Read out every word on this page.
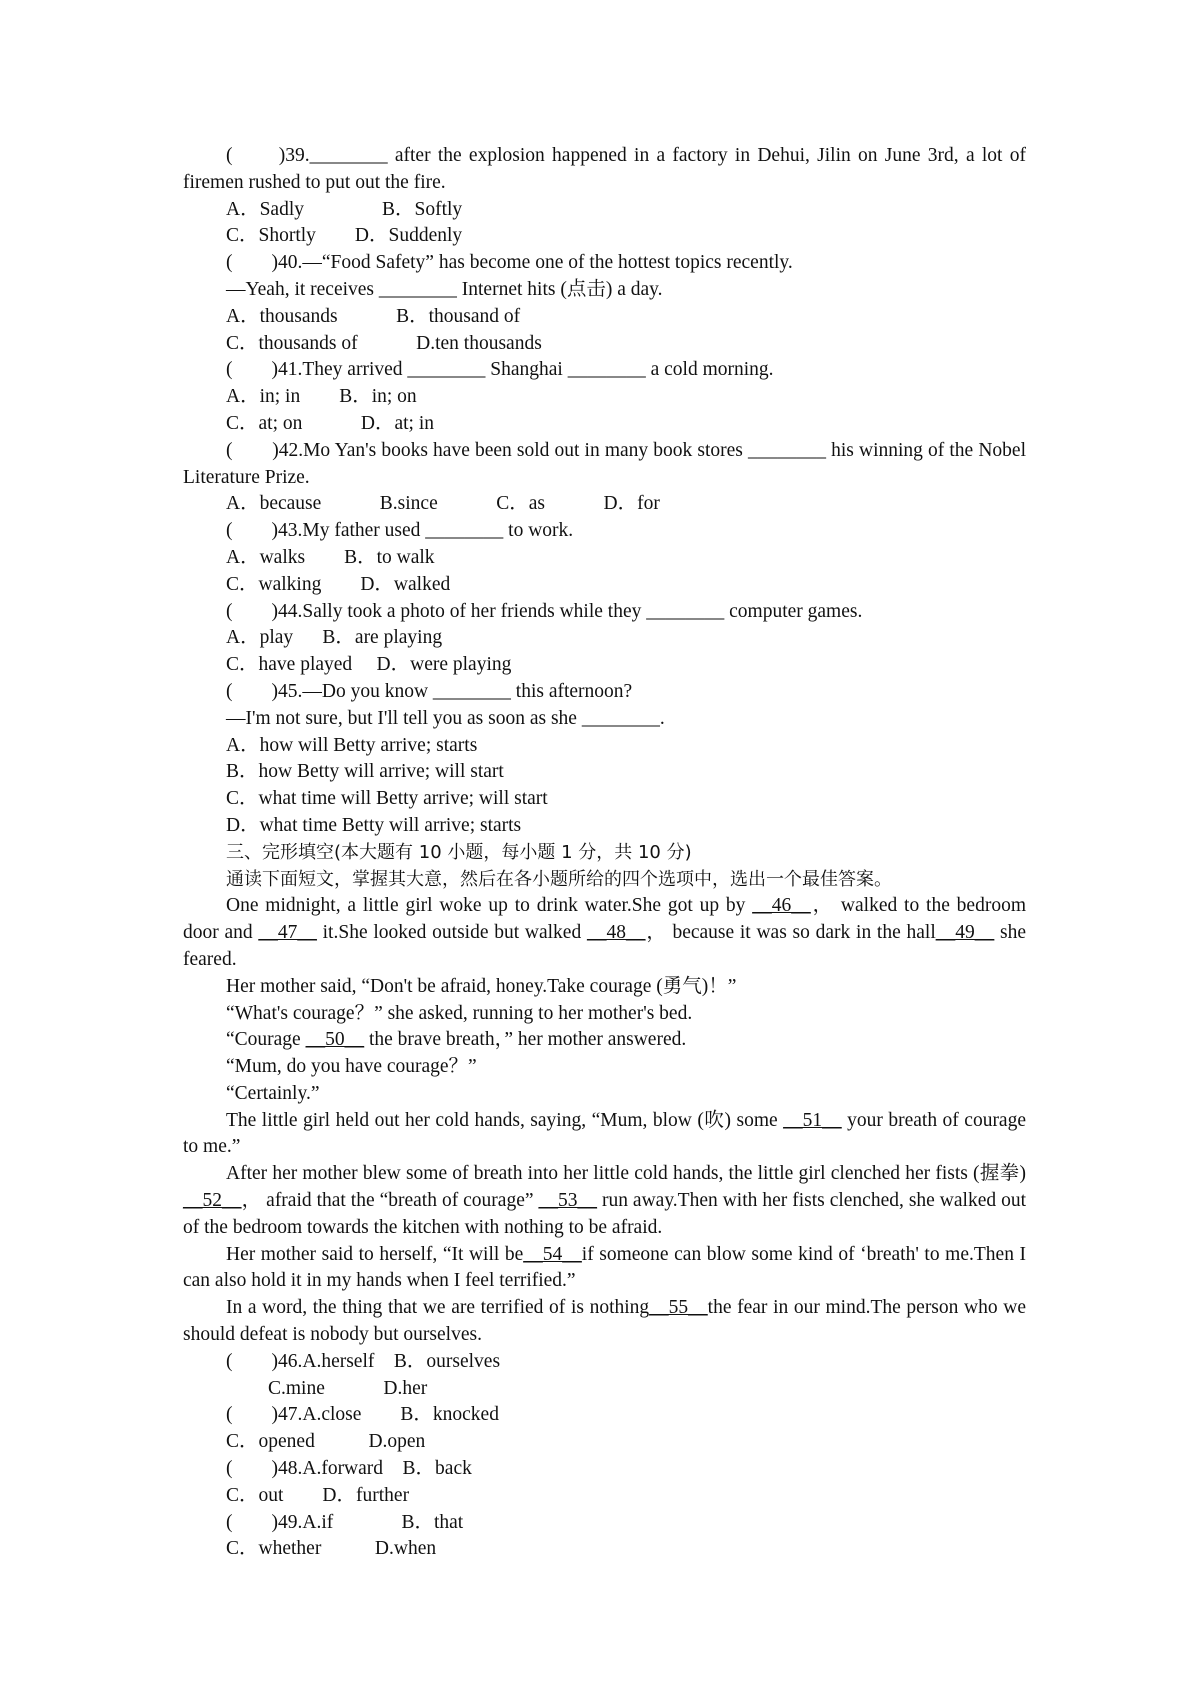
(　　)39.________ after the explosion happened in a factory in Dehui, Jilin on June 3rd, a lot of firemen rushed to put out the fire.

A．Sadly                B．Softly

C．Shortly        D．Suddenly

(　　)40.—“Food Safety” has become one of the hottest topics recently.

—Yeah, it receives ________ Internet hits (点击) a day.

A．thousands            B．thousand of

C．thousands of            D.ten thousands

(　　)41.They arrived ________ Shanghai ________ a cold morning.

A．in; in        B．in; on

C．at; on            D．at; in

(　　)42.Mo Yan's books have been sold out in many book stores ________ his winning of the Nobel Literature Prize.

A．because            B.since            C．as            D．for

(　　)43.My father used ________ to work.

A．walks        B．to walk

C．walking        D．walked

(　　)44.Sally took a photo of her friends while they ________ computer games.

A．play      B．are playing

C．have played     D．were playing

(　　)45.—Do you know ________ this afternoon?

—I'm not sure, but I'll tell you as soon as she ________.

A．how will Betty arrive; starts

B．how Betty will arrive; will start

C．what time will Betty arrive; will start

D．what time Betty will arrive; starts

三、完形填空(本大题有 10 小题，每小题 1 分，共 10 分)

通读下面短文，掌握其大意，然后在各小题所给的四个选项中，选出一个最佳答案。

One midnight, a little girl woke up to drink water.She got up by __46__， walked to the bedroom door and __47__ it.She looked outside but walked __48__， because it was so dark in the hall__49__ she feared.

Her mother said, “Don't be afraid, honey.Take courage (勇气)！”

“What's courage？” she asked, running to her mother's bed.

“Courage __50__ the brave breath，” her mother answered.

“Mum, do you have courage？”

“Certainly.”

The little girl held out her cold hands, saying, “Mum, blow (吹) some __51__ your breath of courage to me.”

After her mother blew some of breath into her little cold hands, the little girl clenched her fists (握拳) __52__， afraid that the “breath of courage” __53__ run away.Then with her fists clenched, she walked out of the bedroom towards the kitchen with nothing to be afraid.

Her mother said to herself, “It will be__54__if someone can blow some kind of ‘breath' to me.Then I can also hold it in my hands when I feel terrified.”

In a word, the thing that we are terrified of is nothing__55__the fear in our mind.The person who we should defeat is nobody but ourselves.

(　　)46.A.herself    B．ourselves

C.mine            D.her

(　　)47.A.close        B．knocked

C．opened           D.open

(　　)48.A.forward    B．back

C．out        D．further

(　　)49.A.if              B．that

C．whether           D.when
